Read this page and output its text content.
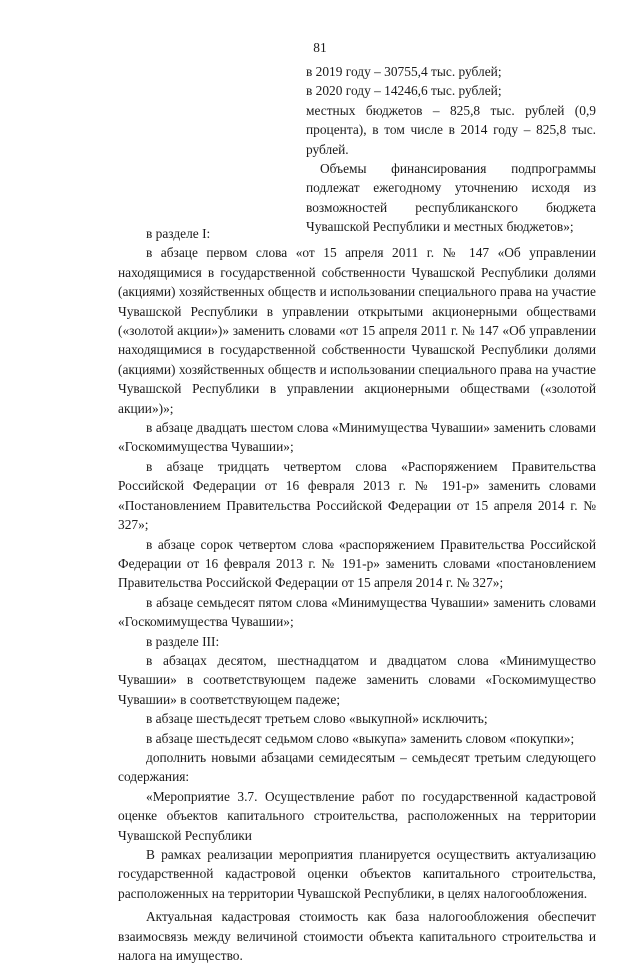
81

в 2019 году – 30755,4 тыс. рублей;

в 2020 году – 14246,6 тыс. рублей;

местных бюджетов – 825,8 тыс. рублей (0,9 процента), в том числе в 2014 году – 825,8 тыс. рублей.

Объемы финансирования подпрограммы подлежат ежегодному уточнению исходя из возможностей республиканского бюджета Чувашской Республики и местных бюджетов»;

в разделе I:

в абзаце первом слова «от 15 апреля 2011 г. № 147 «Об управлении находящимися в государственной собственности Чувашской Республики долями (акциями) хозяйственных обществ и использовании специального права на участие Чувашской Республики в управлении открытыми акционерными обществами («золотой акции»)» заменить словами «от 15 апреля 2011 г. № 147 «Об управлении находящимися в государственной собственности Чувашской Республики долями (акциями) хозяйственных обществ и использовании специального права на участие Чувашской Республики в управлении акционерными обществами («золотой акции»)»;

в абзаце двадцать шестом слова «Минимущества Чувашии» заменить словами «Госкомимущества Чувашии»;

в абзаце тридцать четвертом слова «Распоряжением Правительства Российской Федерации от 16 февраля 2013 г. № 191-р» заменить словами «Постановлением Правительства Российской Федерации от 15 апреля 2014 г. № 327»;

в абзаце сорок четвертом слова «распоряжением Правительства Российской Федерации от 16 февраля 2013 г. № 191-р» заменить словами «постановлением Правительства Российской Федерации от 15 апреля 2014 г. № 327»;

в абзаце семьдесят пятом слова «Минимущества Чувашии» заменить словами «Госкомимущества Чувашии»;

в разделе III:

в абзацах десятом, шестнадцатом и двадцатом слова «Минимущество Чувашии» в соответствующем падеже заменить словами «Госкомимущество Чувашии» в соответствующем падеже;

в абзаце шестьдесят третьем слово «выкупной» исключить;

в абзаце шестьдесят седьмом слово «выкупа» заменить словом «покупки»;

дополнить новыми абзацами семидесятым – семьдесят третьим следующего содержания:

«Мероприятие 3.7. Осуществление работ по государственной кадастровой оценке объектов капитального строительства, расположенных на территории Чувашской Республики

В рамках реализации мероприятия планируется осуществить актуализацию государственной кадастровой оценки объектов капитального строительства, расположенных на территории Чувашской Республики, в целях налогообложения.

Актуальная кадастровая стоимость как база налогообложения обеспечит взаимосвязь между величиной стоимости объекта капитального строительства и налога на имущество.
